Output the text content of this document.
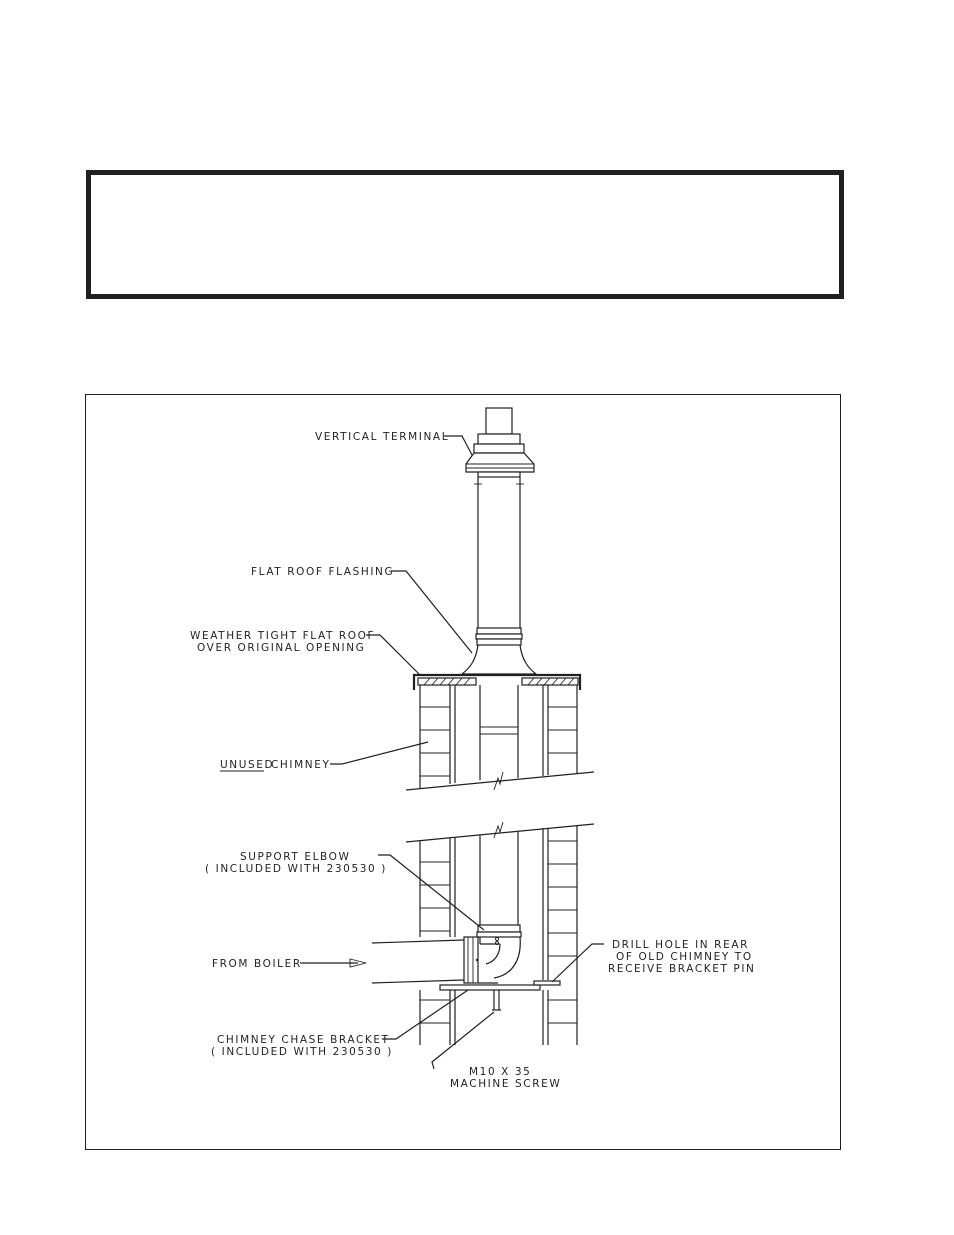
VERTICAL TERMINAL
FLAT ROOF FLASHING
WEATHER TIGHT FLAT ROOF
OVER ORIGINAL OPENING
UNUSED
CHIMNEY
SUPPORT ELBOW
( INCLUDED WITH 230530 )
FROM BOILER
DRILL HOLE IN REAR
OF OLD CHIMNEY TO
RECEIVE BRACKET PIN
CHIMNEY CHASE BRACKET
( INCLUDED WITH 230530 )
M10 X 35
MACHINE SCREW
